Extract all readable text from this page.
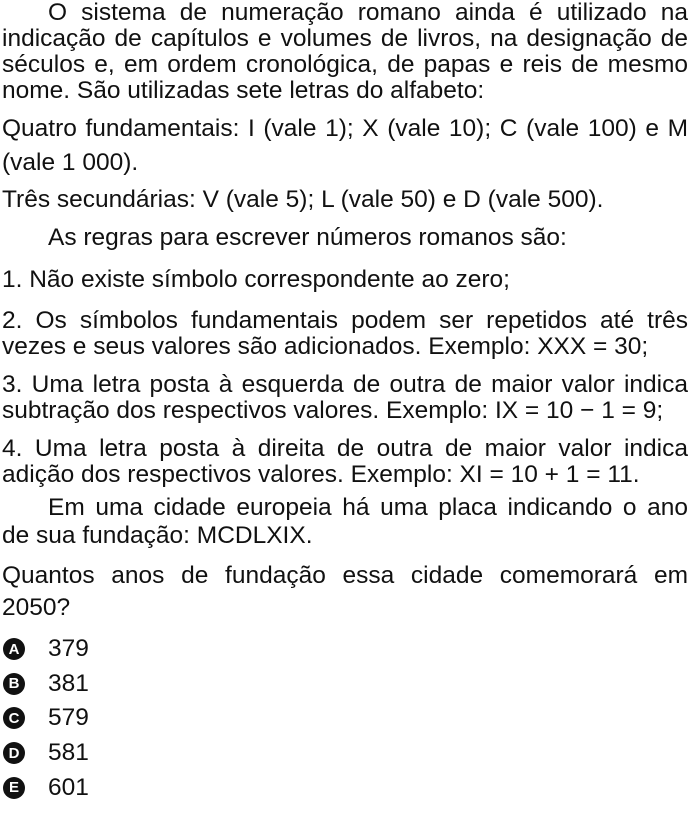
O sistema de numeração romano ainda é utilizado na indicação de capítulos e volumes de livros, na designação de séculos e, em ordem cronológica, de papas e reis de mesmo nome. São utilizadas sete letras do alfabeto:

Quatro fundamentais: I (vale 1); X (vale 10); C (vale 100) e M (vale 1 000).

Três secundárias: V (vale 5); L (vale 50) e D (vale 500).

As regras para escrever números romanos são:

1. Não existe símbolo correspondente ao zero;

2. Os símbolos fundamentais podem ser repetidos até três vezes e seus valores são adicionados. Exemplo: XXX = 30;

3. Uma letra posta à esquerda de outra de maior valor indica subtração dos respectivos valores. Exemplo: IX = 10 − 1 = 9;

4. Uma letra posta à direita de outra de maior valor indica adição dos respectivos valores. Exemplo: XI = 10 + 1 = 11.

Em uma cidade europeia há uma placa indicando o ano de sua fundação: MCDLXIX.

Quantos anos de fundação essa cidade comemorará em 2050?

A 379
B 381
C 579
D 581
E 601
